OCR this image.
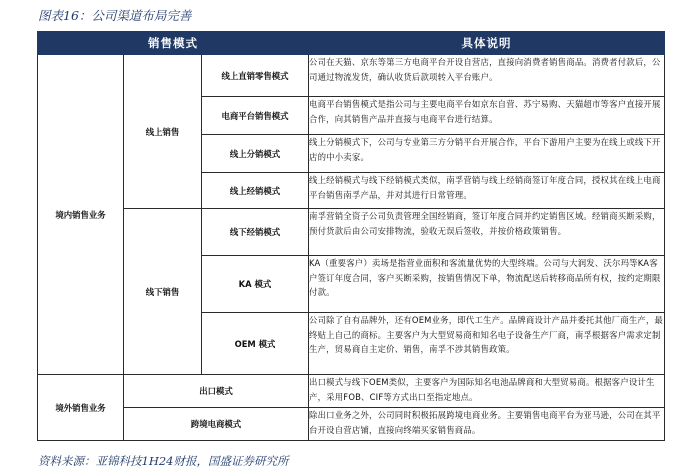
图表16：公司渠道布局完善
销售模式			具体说明
境内销售业务	线上销售	线上直销零售模式	公司在天猫、京东等第三方电商平台开设自营店，直接向消费者销售商品。消费者付款后，公司通过物流发货，确认收货后款项转入平台账户。
		电商平台销售模式	电商平台销售模式是指公司与主要电商平台如京东自营、苏宁易购、天猫超市等客户直接开展合作，向其销售产品并直接与电商平台进行结算。
		线上分销模式	线上分销模式下，公司与专业第三方分销平台开展合作，平台下游用户主要为在线上或线下开店的中小卖家。
		线上经销模式	线上经销模式与线下经销模式类似，南孚营销与线上经销商签订年度合同，授权其在线上电商平台销售南孚产品，并对其进行日常管理。
	线下销售	线下经销模式	南孚营销全资子公司负责管理全国经销商，签订年度合同并约定销售区域。经销商买断采购，预付货款后由公司安排物流，验收无误后签收，并按价格政策销售。
		KA 模式	KA（重要客户）卖场是指营业面积和客流量优势的大型终端。公司与大润发、沃尔玛等KA客户签订年度合同，客户买断采购，按销售情况下单，物流配送后转移商品所有权，按约定期限付款。
		OEM 模式	公司除了自有品牌外，还有OEM业务，即代工生产。品牌商设计产品并委托其他厂商生产，最终贴上自己的商标。主要客户为大型贸易商和知名电子设备生产厂商，南孚根据客户需求定制生产，贸易商自主定价、销售，南孚不涉其销售政策。
境外销售业务	出口模式		出口模式与线下OEM类似，主要客户为国际知名电池品牌商和大型贸易商。根据客户设计生产，采用FOB、CIF等方式出口至指定地点。
	跨境电商模式		除出口业务之外，公司同时积极拓展跨境电商业务。主要销售电商平台为亚马逊，公司在其平台开设自营店铺，直接向终端买家销售商品。
资料来源：亚锦科技1H24财报，国盛证券研究所
